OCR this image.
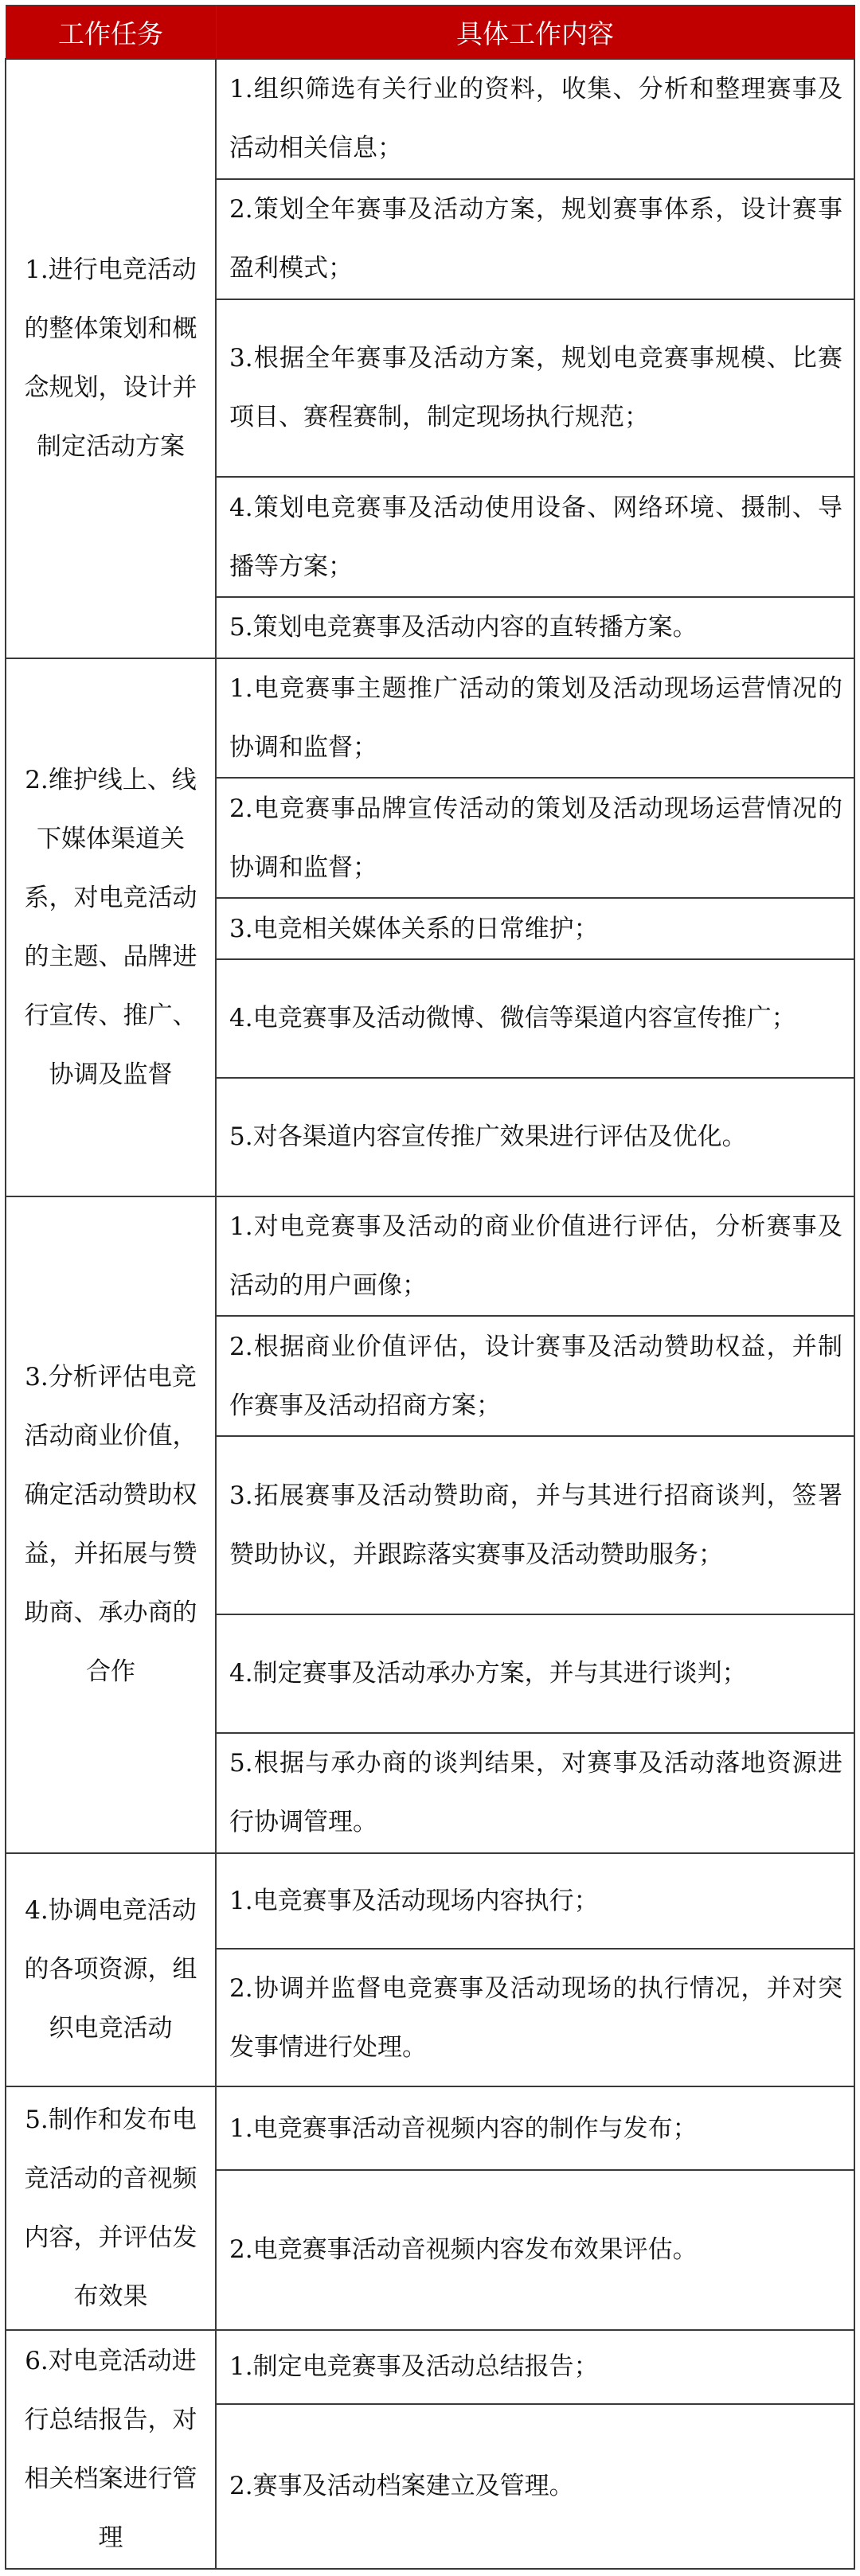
工作任务	具体工作内容
1.进行电竞活动的整体策划和概念规划，设计并制定活动方案	1.组织筛选有关行业的资料，收集、分析和整理赛事及活动相关信息；
	2.策划全年赛事及活动方案，规划赛事体系，设计赛事盈利模式；
	3.根据全年赛事及活动方案，规划电竞赛事规模、比赛项目、赛程赛制，制定现场执行规范；
	4.策划电竞赛事及活动使用设备、网络环境、摄制、导播等方案；
	5.策划电竞赛事及活动内容的直转播方案。
2.维护线上、线下媒体渠道关系，对电竞活动的主题、品牌进行宣传、推广、协调及监督	1.电竞赛事主题推广活动的策划及活动现场运营情况的协调和监督；
	2.电竞赛事品牌宣传活动的策划及活动现场运营情况的协调和监督；
	3.电竞相关媒体关系的日常维护；
	4.电竞赛事及活动微博、微信等渠道内容宣传推广；
	5.对各渠道内容宣传推广效果进行评估及优化。
3.分析评估电竞活动商业价值，确定活动赞助权益，并拓展与赞助商、承办商的合作	1.对电竞赛事及活动的商业价值进行评估，分析赛事及活动的用户画像；
	2.根据商业价值评估，设计赛事及活动赞助权益，并制作赛事及活动招商方案；
	3.拓展赛事及活动赞助商，并与其进行招商谈判，签署赞助协议，并跟踪落实赛事及活动赞助服务；
	4.制定赛事及活动承办方案，并与其进行谈判；
	5.根据与承办商的谈判结果，对赛事及活动落地资源进行协调管理。
4.协调电竞活动的各项资源，组织电竞活动	1.电竞赛事及活动现场内容执行；
	2.协调并监督电竞赛事及活动现场的执行情况，并对突发事情进行处理。
5.制作和发布电竞活动的音视频内容，并评估发布效果	1.电竞赛事活动音视频内容的制作与发布；
	2.电竞赛事活动音视频内容发布效果评估。
6.对电竞活动进行总结报告，对相关档案进行管理	1.制定电竞赛事及活动总结报告；
	2.赛事及活动档案建立及管理。
